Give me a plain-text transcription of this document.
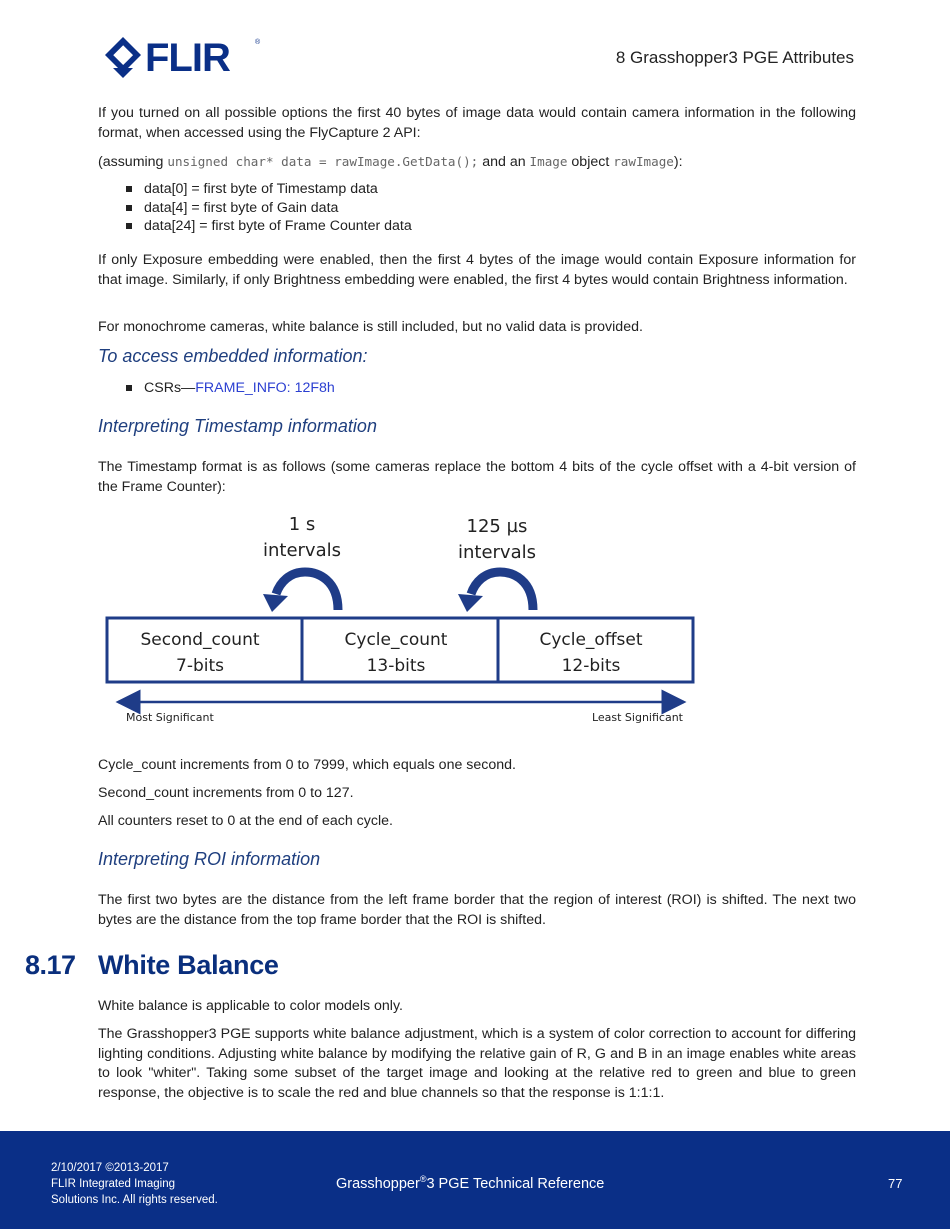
FLIR	®
8 Grasshopper3 PGE Attributes

If you turned on all possible options the first 40 bytes of image data would contain camera information in the following format, when accessed using the FlyCapture 2 API:

(assuming unsigned char* data = rawImage.GetData(); and an Image object rawImage):

data[0] = first byte of Timestamp data
data[4] = first byte of Gain data
data[24] = first byte of Frame Counter data

If only Exposure embedding were enabled, then the first 4 bytes of the image would contain Exposure information for that image. Similarly, if only Brightness embedding were enabled, the first 4 bytes would contain Brightness information.

For monochrome cameras, white balance is still included, but no valid data is provided.

To access embedded information:
CSRs—FRAME_INFO: 12F8h
Interpreting Timestamp information

The Timestamp format is as follows (some cameras replace the bottom 4 bits of the cycle offset with a 4-bit version of the Frame Counter):

1 s
intervals
125 µs
intervals
Second_count
7-bits
Cycle_count
13-bits
Cycle_offset
12-bits
Most Significant	Least Significant

Cycle_count increments from 0 to 7999, which equals one second.

Second_count increments from 0 to 127.

All counters reset to 0 at the end of each cycle.

Interpreting ROI information

The first two bytes are the distance from the left frame border that the region of interest (ROI) is shifted. The next two bytes are the distance from the top frame border that the ROI is shifted.

8.17 White Balance

White balance is applicable to color models only.

The Grasshopper3 PGE supports white balance adjustment, which is a system of color correction to account for differing lighting conditions. Adjusting white balance by modifying the relative gain of R, G and B in an image enables white areas to look "whiter". Taking some subset of the target image and looking at the relative red to green and blue to green response, the objective is to scale the red and blue channels so that the response is 1:1:1.

2/10/2017 ©2013-2017
FLIR Integrated Imaging
Solutions Inc. All rights reserved.
Grasshopper®3 PGE Technical Reference	77
